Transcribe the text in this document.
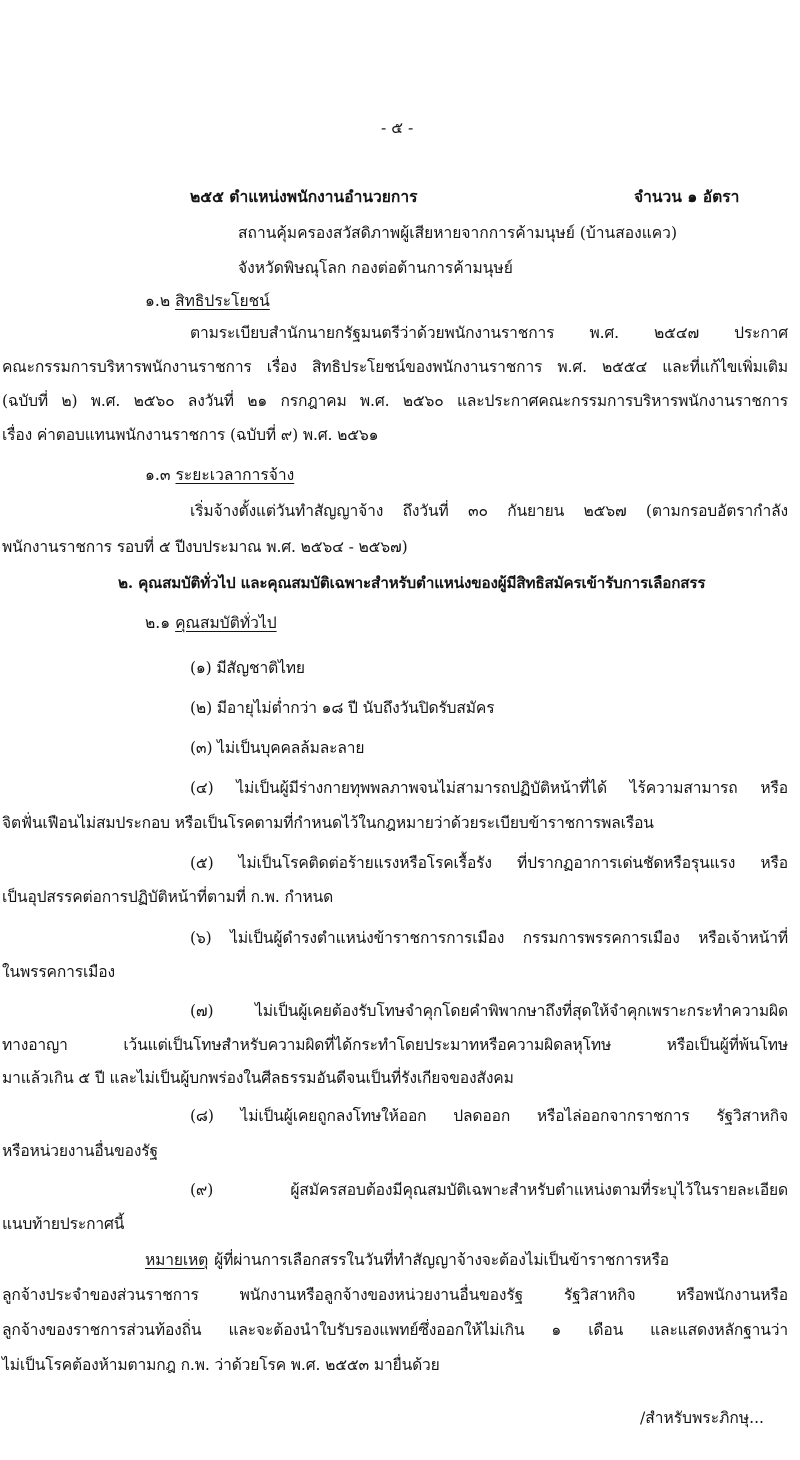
- ๕ -
๒๕๕ ตำแหน่งพนักงานอำนวยการ	จำนวน ๑ อัตรา
สถานคุ้มครองสวัสดิภาพผู้เสียหายจากการค้ามนุษย์ (บ้านสองแคว)
จังหวัดพิษณุโลก กองต่อต้านการค้ามนุษย์
๑.๒ สิทธิประโยชน์
ตามระเบียบสำนักนายกรัฐมนตรีว่าด้วยพนักงานราชการ พ.ศ. ๒๕๔๗ ประกาศ
คณะกรรมการบริหารพนักงานราชการ เรื่อง สิทธิประโยชน์ของพนักงานราชการ พ.ศ. ๒๕๕๔ และที่แก้ไขเพิ่มเติม
(ฉบับที่ ๒) พ.ศ. ๒๕๖๐ ลงวันที่ ๒๑ กรกฎาคม พ.ศ. ๒๕๖๐ และประกาศคณะกรรมการบริหารพนักงานราชการ
เรื่อง ค่าตอบแทนพนักงานราชการ (ฉบับที่ ๙) พ.ศ. ๒๕๖๑
๑.๓ ระยะเวลาการจ้าง
เริ่มจ้างตั้งแต่วันทำสัญญาจ้าง ถึงวันที่ ๓๐ กันยายน ๒๕๖๗ (ตามกรอบอัตรากำลัง
พนักงานราชการ รอบที่ ๕ ปีงบประมาณ พ.ศ. ๒๕๖๔ - ๒๕๖๗)
๒. คุณสมบัติทั่วไป และคุณสมบัติเฉพาะสำหรับตำแหน่งของผู้มีสิทธิสมัครเข้ารับการเลือกสรร
๒.๑ คุณสมบัติทั่วไป
(๑) มีสัญชาติไทย
(๒) มีอายุไม่ต่ำกว่า ๑๘ ปี นับถึงวันปิดรับสมัคร
(๓) ไม่เป็นบุคคลล้มละลาย
(๔) ไม่เป็นผู้มีร่างกายทุพพลภาพจนไม่สามารถปฏิบัติหน้าที่ได้ ไร้ความสามารถ หรือ
จิตฟั่นเฟือนไม่สมประกอบ หรือเป็นโรคตามที่กำหนดไว้ในกฎหมายว่าด้วยระเบียบข้าราชการพลเรือน
(๕) ไม่เป็นโรคติดต่อร้ายแรงหรือโรคเรื้อรัง ที่ปรากฏอาการเด่นชัดหรือรุนแรง หรือ
เป็นอุปสรรคต่อการปฏิบัติหน้าที่ตามที่ ก.พ. กำหนด
(๖) ไม่เป็นผู้ดำรงตำแหน่งข้าราชการการเมือง กรรมการพรรคการเมือง หรือเจ้าหน้าที่
ในพรรคการเมือง
(๗) ไม่เป็นผู้เคยต้องรับโทษจำคุกโดยคำพิพากษาถึงที่สุดให้จำคุกเพราะกระทำความผิด
ทางอาญา เว้นแต่เป็นโทษสำหรับความผิดที่ได้กระทำโดยประมาทหรือความผิดลหุโทษ หรือเป็นผู้ที่พ้นโทษ
มาแล้วเกิน ๕ ปี และไม่เป็นผู้บกพร่องในศีลธรรมอันดีจนเป็นที่รังเกียจของสังคม
(๘) ไม่เป็นผู้เคยถูกลงโทษให้ออก ปลดออก หรือไล่ออกจากราชการ รัฐวิสาหกิจ
หรือหน่วยงานอื่นของรัฐ
(๙) ผู้สมัครสอบต้องมีคุณสมบัติเฉพาะสำหรับตำแหน่งตามที่ระบุไว้ในรายละเอียด
แนบท้ายประกาศนี้
หมายเหตุ ผู้ที่ผ่านการเลือกสรรในวันที่ทำสัญญาจ้างจะต้องไม่เป็นข้าราชการหรือ
ลูกจ้างประจำของส่วนราชการ พนักงานหรือลูกจ้างของหน่วยงานอื่นของรัฐ รัฐวิสาหกิจ หรือพนักงานหรือ
ลูกจ้างของราชการส่วนท้องถิ่น และจะต้องนำใบรับรองแพทย์ซึ่งออกให้ไม่เกิน ๑ เดือน และแสดงหลักฐานว่า
ไม่เป็นโรคต้องห้ามตามกฎ ก.พ. ว่าด้วยโรค พ.ศ. ๒๕๕๓ มายื่นด้วย
/สำหรับพระภิกษุ...
